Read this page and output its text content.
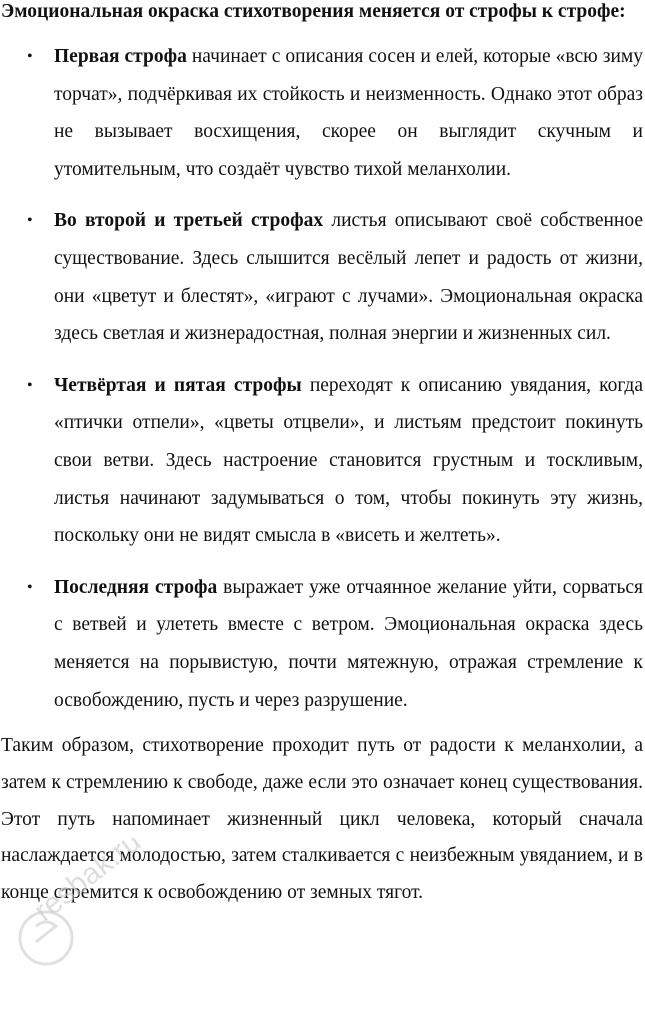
Эмоциональная окраска стихотворения меняется от строфы к строфе:

• Первая строфа начинает с описания сосен и елей, которые «всю зиму торчат», подчёркивая их стойкость и неизменность. Однако этот образ не вызывает восхищения, скорее он выглядит скучным и утомительным, что создаёт чувство тихой меланхолии.
• Во второй и третьей строфах листья описывают своё собственное существование. Здесь слышится весёлый лепет и радость от жизни, они «цветут и блестят», «играют с лучами». Эмоциональная окраска здесь светлая и жизнерадостная, полная энергии и жизненных сил.
• Четвёртая и пятая строфы переходят к описанию увядания, когда «птички отпели», «цветы отцвели», и листьям предстоит покинуть свои ветви. Здесь настроение становится грустным и тоскливым, листья начинают задумываться о том, чтобы покинуть эту жизнь, поскольку они не видят смысла в «висеть и желтеть».
• Последняя строфа выражает уже отчаянное желание уйти, сорваться с ветвей и улететь вместе с ветром. Эмоциональная окраска здесь меняется на порывистую, почти мятежную, отражая стремление к освобождению, пусть и через разрушение.

Таким образом, стихотворение проходит путь от радости к меланхолии, а затем к стремлению к свободе, даже если это означает конец существования. Этот путь напоминает жизненный цикл человека, который сначала наслаждается молодостью, затем сталкивается с неизбежным увяданием, и в конце стремится к освобождению от земных тягот.

resbak.ru
